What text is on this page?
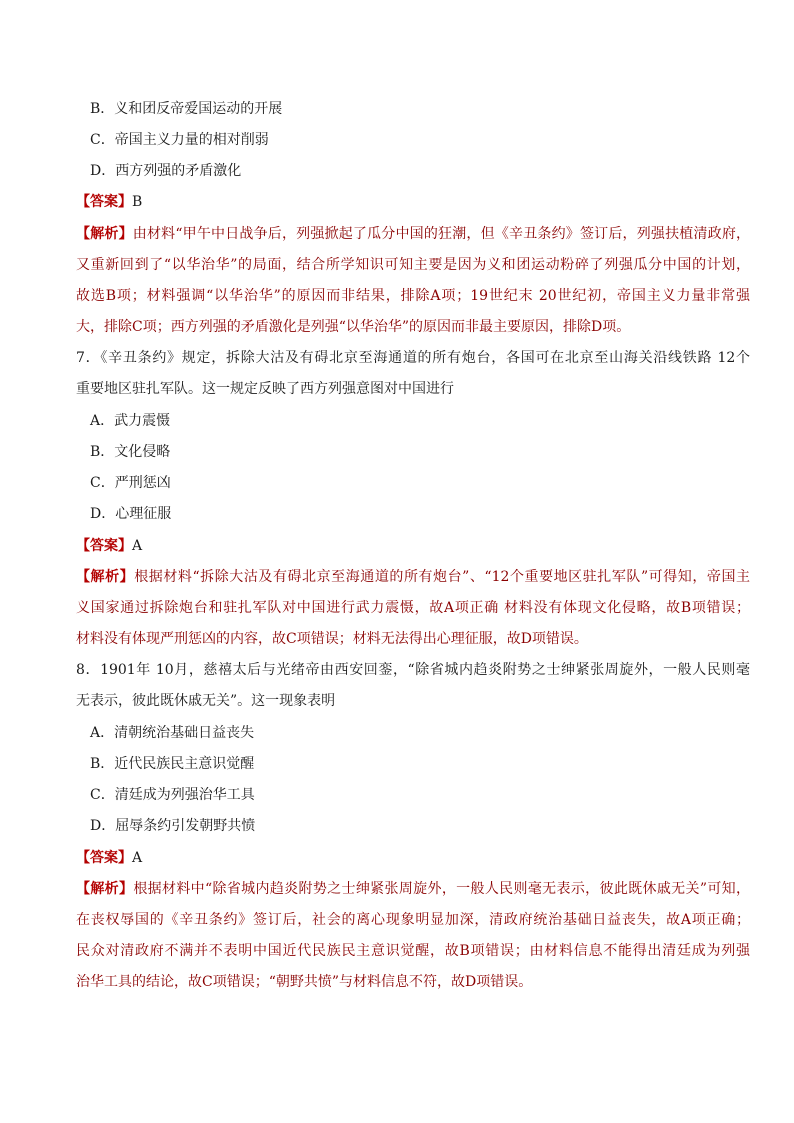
B．义和团反帝爱国运动的开展
C．帝国主义力量的相对削弱
D．西方列强的矛盾激化
【答案】B
【解析】由材料“甲午中日战争后，列强掀起了瓜分中国的狂潮，但《辛丑条约》签订后，列强扶植清政府，
又重新回到了“以华治华”的局面，结合所学知识可知主要是因为义和团运动粉碎了列强瓜分中国的计划，
故选B项；材料强调“以华治华”的原因而非结果，排除A项；19世纪末 20世纪初，帝国主义力量非常强
大，排除C项；西方列强的矛盾激化是列强“以华治华”的原因而非最主要原因，排除D项。
7．《辛丑条约》规定，拆除大沽及有碍北京至海通道的所有炮台，各国可在北京至山海关沿线铁路 12个
重要地区驻扎军队。这一规定反映了西方列强意图对中国进行
A．武力震慑
B．文化侵略
C．严刑惩凶
D．心理征服
【答案】A
【解析】根据材料“拆除大沽及有碍北京至海通道的所有炮台”、“12个重要地区驻扎军队”可得知，帝国主
义国家通过拆除炮台和驻扎军队对中国进行武力震慑，故A项正确 材料没有体现文化侵略，故B项错误；
材料没有体现严刑惩凶的内容，故C项错误；材料无法得出心理征服，故D项错误。
8．1901年 10月，慈禧太后与光绪帝由西安回銮，“除省城内趋炎附势之士绅紧张周旋外，一般人民则毫
无表示，彼此既休戚无关”。这一现象表明
A．清朝统治基础日益丧失
B．近代民族民主意识觉醒
C．清廷成为列强治华工具
D．屈辱条约引发朝野共愤
【答案】A
【解析】根据材料中“除省城内趋炎附势之士绅紧张周旋外，一般人民则毫无表示，彼此既休戚无关”可知，
在丧权辱国的《辛丑条约》签订后，社会的离心现象明显加深，清政府统治基础日益丧失，故A项正确；
民众对清政府不满并不表明中国近代民族民主意识觉醒，故B项错误；由材料信息不能得出清廷成为列强
治华工具的结论，故C项错误；“朝野共愤”与材料信息不符，故D项错误。
